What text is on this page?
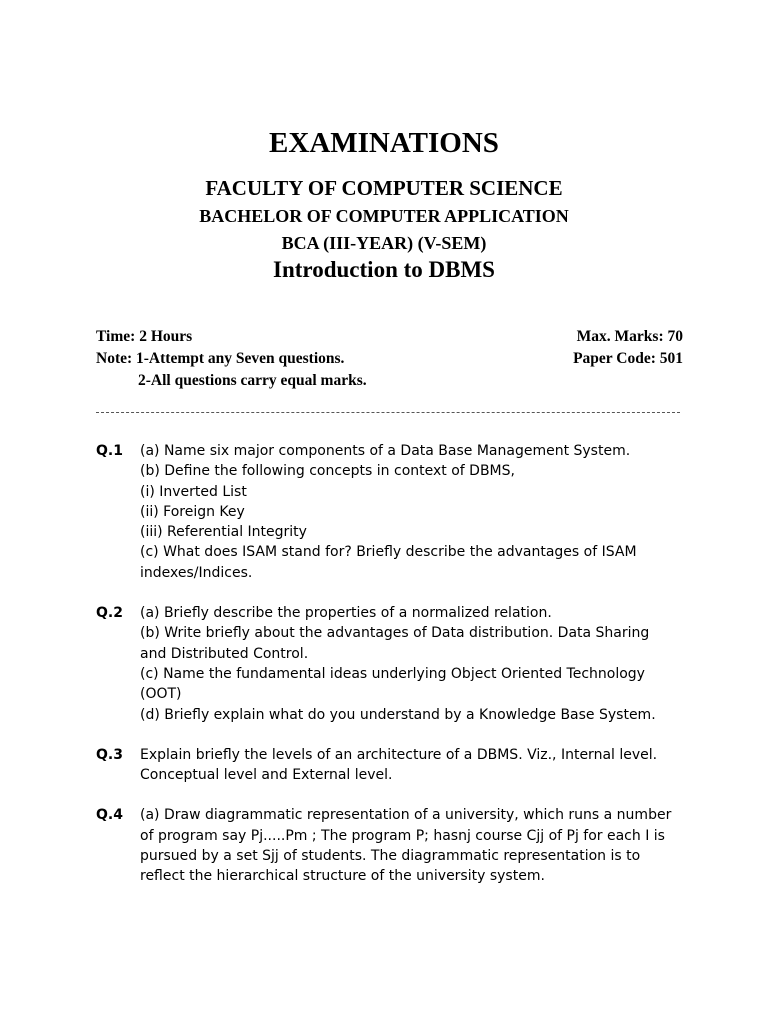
EXAMINATIONS
FACULTY OF COMPUTER SCIENCE
BACHELOR OF COMPUTER APPLICATION
BCA (III-YEAR) (V-SEM)
Introduction to DBMS
Time: 2 Hours	Max. Marks: 70
Note: 1-Attempt any Seven questions.	Paper Code: 501
2-All questions carry equal marks.
Q.1 (a) Name six major components of a Data Base Management System.
(b) Define the following concepts in context of DBMS,
(i) Inverted List
(ii) Foreign Key
(iii) Referential Integrity
(c) What does ISAM stand for? Briefly describe the advantages of ISAM
indexes/Indices.
Q.2 (a) Briefly describe the properties of a normalized relation.
(b) Write briefly about the advantages of Data distribution. Data Sharing
and Distributed Control.
(c) Name the fundamental ideas underlying Object Oriented Technology
(OOT)
(d) Briefly explain what do you understand by a Knowledge Base System.
Q.3 Explain briefly the levels of an architecture of a DBMS. Viz., Internal level.
Conceptual level and External level.
Q.4 (a) Draw diagrammatic representation of a university, which runs a number
of program say Pj.....Pm ; The program P; hasnj course Cjj of Pj for each I is
pursued by a set Sjj of students. The diagrammatic representation is to
reflect the hierarchical structure of the university system.
